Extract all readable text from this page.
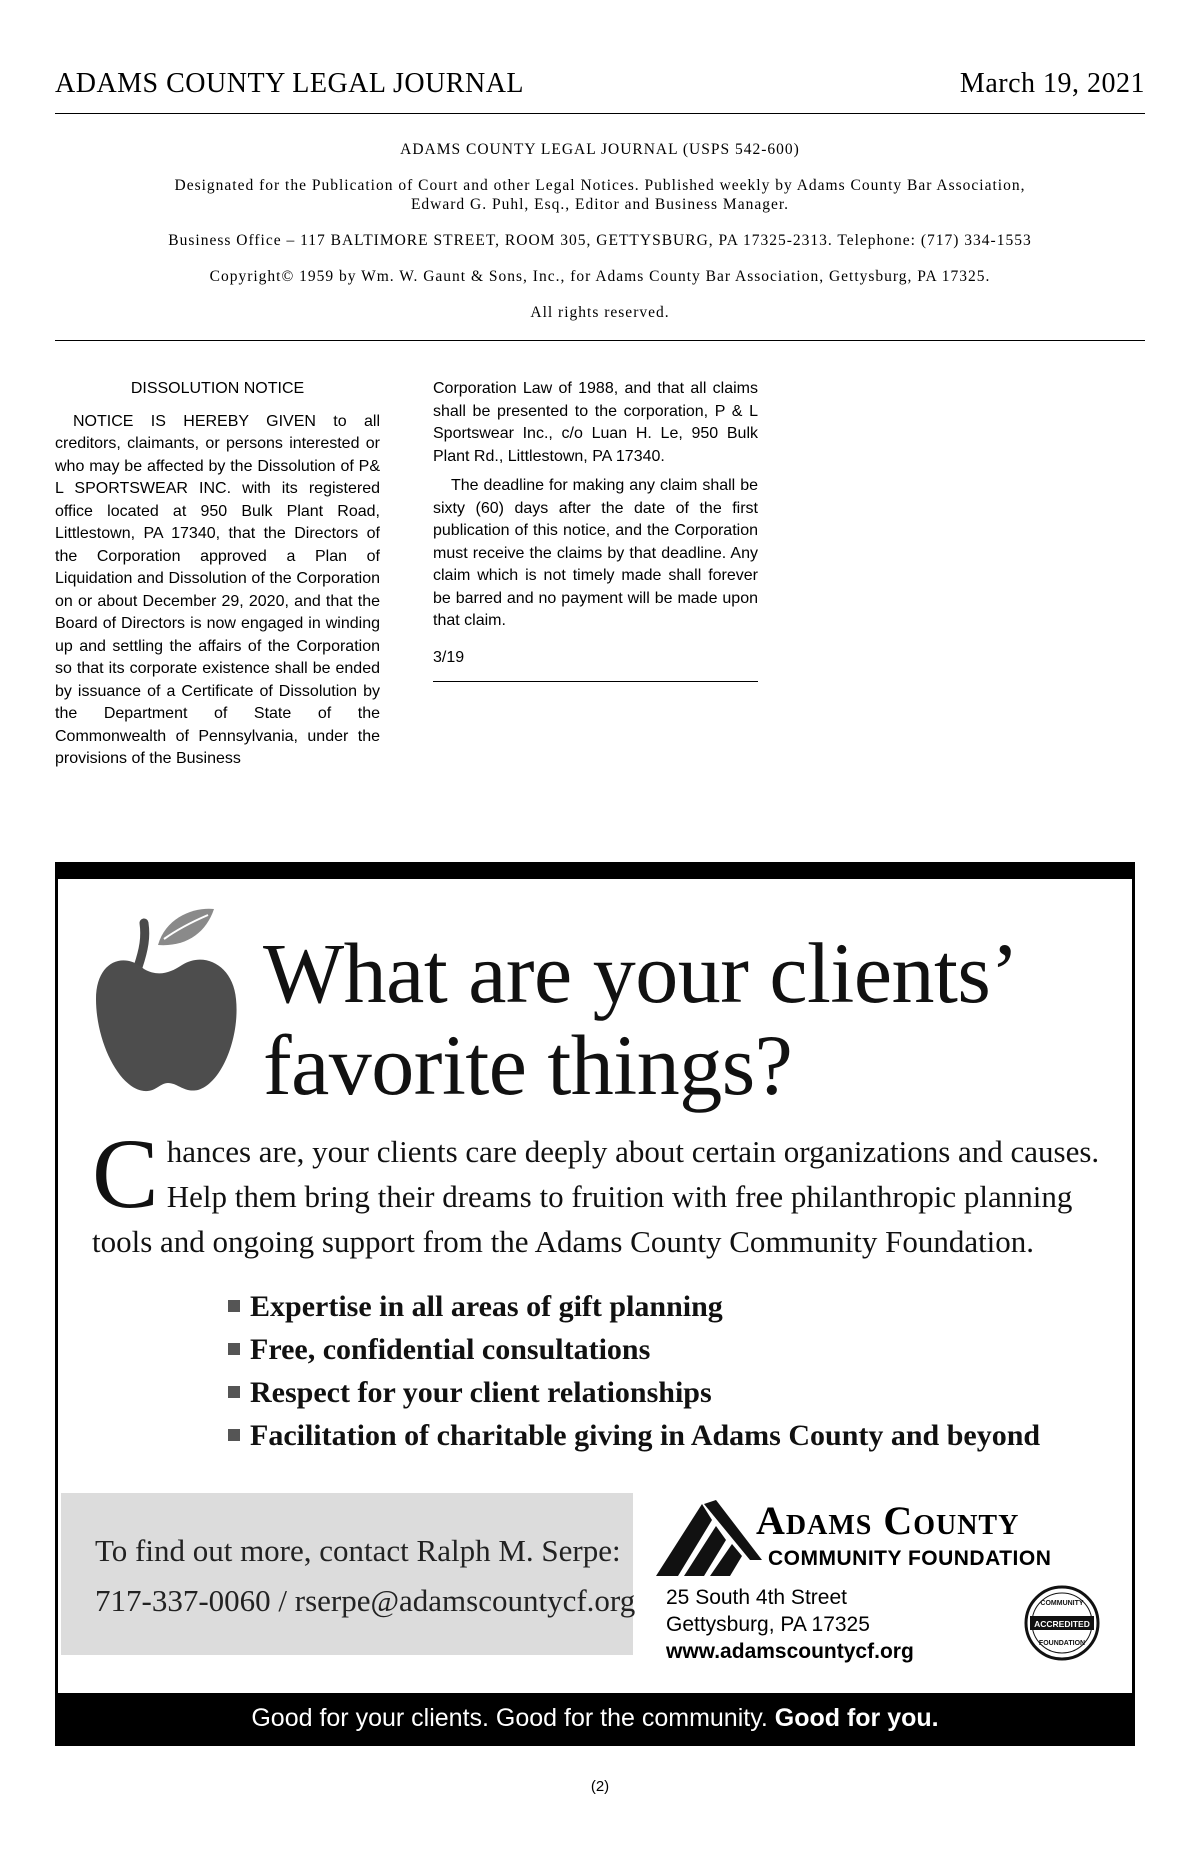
ADAMS COUNTY LEGAL JOURNAL	March 19, 2021

ADAMS COUNTY LEGAL JOURNAL (USPS 542-600)

Designated for the Publication of Court and other Legal Notices. Published weekly by Adams County Bar Association,

Edward G. Puhl, Esq., Editor and Business Manager.

Business Office – 117 BALTIMORE STREET, ROOM 305, GETTYSBURG, PA 17325-2313. Telephone: (717) 334-1553

Copyright© 1959 by Wm. W. Gaunt & Sons, Inc., for Adams County Bar Association, Gettysburg, PA 17325.

All rights reserved.

DISSOLUTION NOTICE

NOTICE IS HEREBY GIVEN to all creditors, claimants, or persons interested or who may be affected by the Dissolution of P& L SPORTSWEAR INC. with its registered office located at 950 Bulk Plant Road, Littlestown, PA 17340, that the Directors of the Corporation approved a Plan of Liquidation and Dissolution of the Corporation on or about December 29, 2020, and that the Board of Directors is now engaged in winding up and settling the affairs of the Corporation so that its corporate existence shall be ended by issuance of a Certificate of Dissolution by the Department of State of the Commonwealth of Pennsylvania, under the provisions of the Business

Corporation Law of 1988, and that all claims shall be presented to the corporation, P & L Sportswear Inc., c/o Luan H. Le, 950 Bulk Plant Rd., Littlestown, PA 17340.

The deadline for making any claim shall be sixty (60) days after the date of the first publication of this notice, and the Corporation must receive the claims by that deadline. Any claim which is not timely made shall forever be barred and no payment will be made upon that claim.

3/19

What are your clients’
favorite things?
Chances are, your clients care deeply about certain organizations and causes. Help them bring their dreams to fruition with free philanthropic planning tools and ongoing support from the Adams County Community Foundation.
Expertise in all areas of gift planning
Free, confidential consultations
Respect for your client relationships
Facilitation of charitable giving in Adams County and beyond
To find out more, contact Ralph M. Serpe:
717-337-0060 / rserpe@adamscountycf.org
Adams County
COMMUNITY FOUNDATION
25 South 4th Street
Gettysburg, PA 17325
www.adamscountycf.org
COMMUNITY
ACCREDITED
FOUNDATION
Good for your clients. Good for the community. Good for you.
(2)
